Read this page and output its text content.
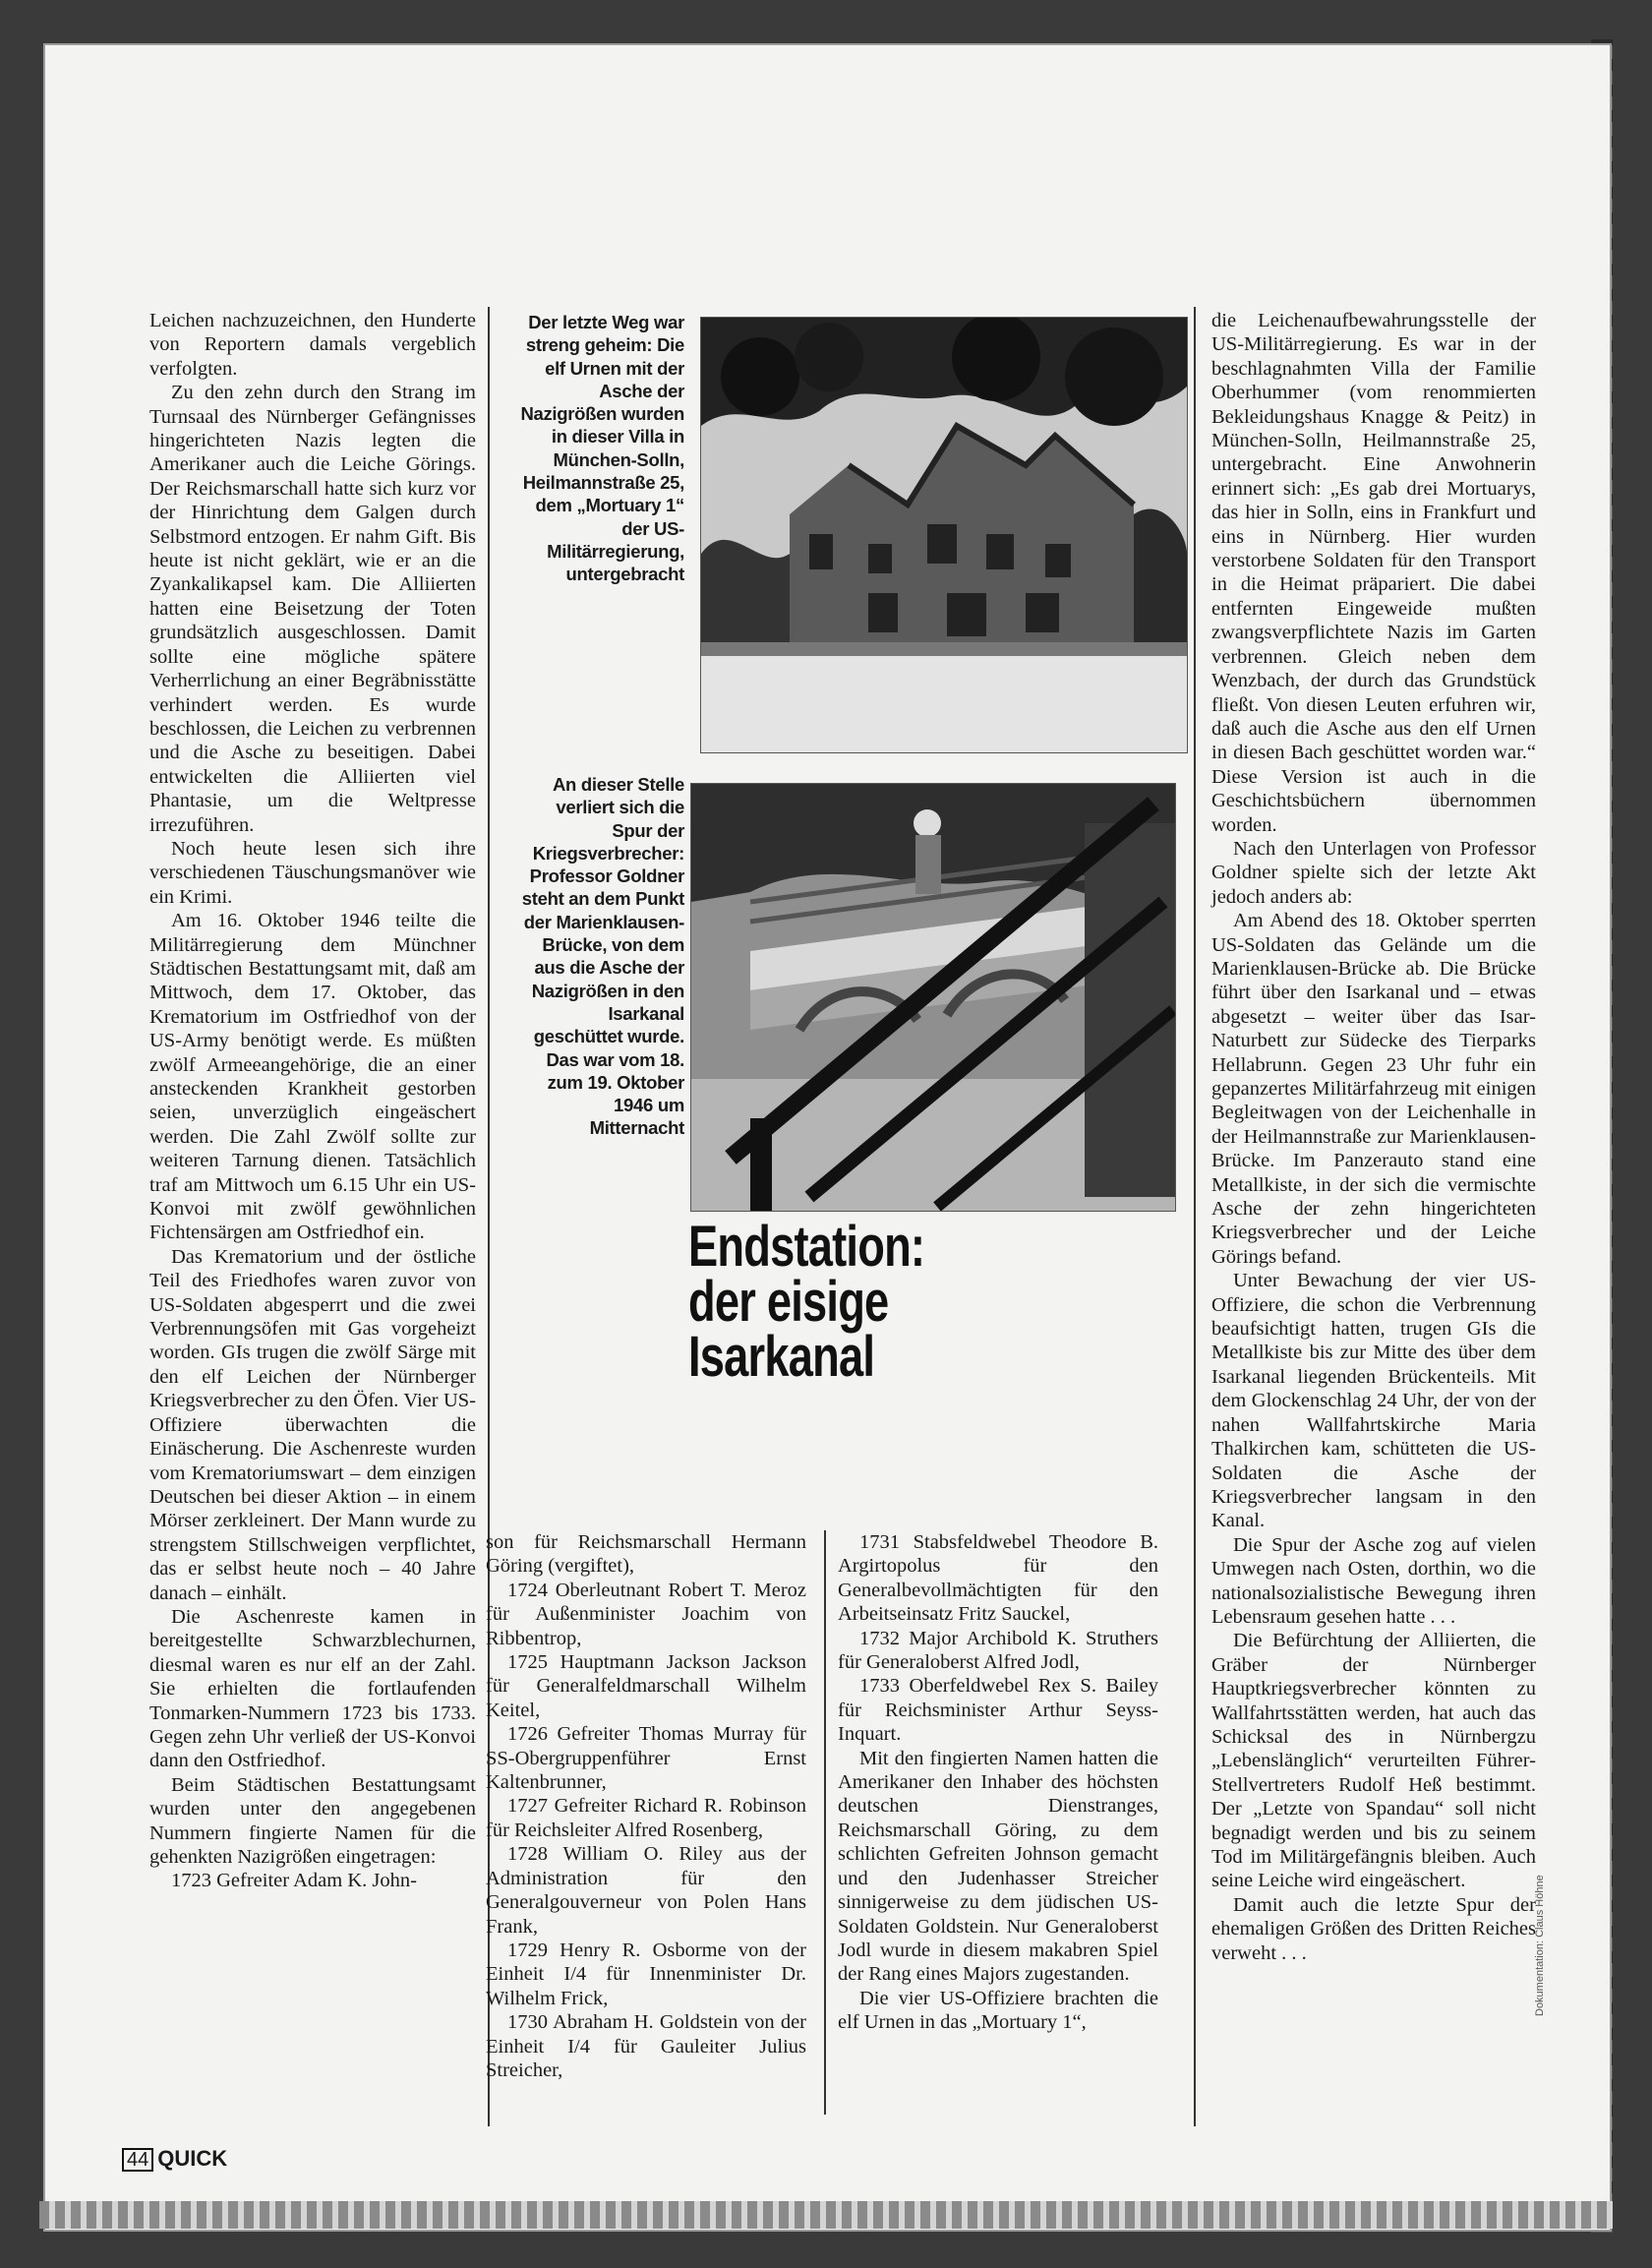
Leichen nachzuzeichnen, den Hunderte von Reportern damals vergeblich verfolgten.

Zu den zehn durch den Strang im Turnsaal des Nürnberger Gefängnisses hingerichteten Nazis legten die Amerikaner auch die Leiche Görings. Der Reichsmarschall hatte sich kurz vor der Hinrichtung dem Galgen durch Selbstmord entzogen. Er nahm Gift. Bis heute ist nicht geklärt, wie er an die Zyankalikapsel kam. Die Alliierten hatten eine Beisetzung der Toten grundsätzlich ausgeschlossen. Damit sollte eine mögliche spätere Verherrlichung an einer Begräbnisstätte verhindert werden. Es wurde beschlossen, die Leichen zu verbrennen und die Asche zu beseitigen. Dabei entwickelten die Alliierten viel Phantasie, um die Weltpresse irrezuführen.

Noch heute lesen sich ihre verschiedenen Täuschungsmanöver wie ein Krimi.

Am 16. Oktober 1946 teilte die Militärregierung dem Münchner Städtischen Bestattungsamt mit, daß am Mittwoch, dem 17. Oktober, das Krematorium im Ostfriedhof von der US-Army benötigt werde. Es müßten zwölf Armeeangehörige, die an einer ansteckenden Krankheit gestorben seien, unverzüglich eingeäschert werden. Die Zahl Zwölf sollte zur weiteren Tarnung dienen. Tatsächlich traf am Mittwoch um 6.15 Uhr ein US-Konvoi mit zwölf gewöhnlichen Fichtensärgen am Ostfriedhof ein.

Das Krematorium und der östliche Teil des Friedhofes waren zuvor von US-Soldaten abgesperrt und die zwei Verbrennungsöfen mit Gas vorgeheizt worden. GIs trugen die zwölf Särge mit den elf Leichen der Nürnberger Kriegsverbrecher zu den Öfen. Vier US-Offiziere überwachten die Einäscherung. Die Aschenreste wurden vom Krematoriumswart – dem einzigen Deutschen bei dieser Aktion – in einem Mörser zerkleinert. Der Mann wurde zu strengstem Stillschweigen verpflichtet, das er selbst heute noch – 40 Jahre danach – einhält.

Die Aschenreste kamen in bereitgestellte Schwarzblechurnen, diesmal waren es nur elf an der Zahl. Sie erhielten die fortlaufenden Tonmarken-Nummern 1723 bis 1733. Gegen zehn Uhr verließ der US-Konvoi dann den Ostfriedhof.

Beim Städtischen Bestattungsamt wurden unter den angegebenen Nummern fingierte Namen für die gehenkten Nazigrößen eingetragen:

1723 Gefreiter Adam K. John-

Der letzte Weg war streng geheim: Die elf Urnen mit der Asche der Nazigrößen wurden in dieser Villa in München-Solln, Heilmannstraße 25, dem „Mortuary 1“ der US-Militärregierung, untergebracht

An dieser Stelle verliert sich die Spur der Kriegsverbrecher: Professor Goldner steht an dem Punkt der Marienklausen-Brücke, von dem aus die Asche der Nazigrößen in den Isarkanal geschüttet wurde. Das war vom 18. zum 19. Oktober 1946 um Mitternacht

Endstation:
der eisige
Isarkanal

son für Reichsmarschall Hermann Göring (vergiftet),

1724 Oberleutnant Robert T. Meroz für Außenminister Joachim von Ribbentrop,

1725 Hauptmann Jackson Jackson für Generalfeldmarschall Wilhelm Keitel,

1726 Gefreiter Thomas Murray für SS-Obergruppenführer Ernst Kaltenbrunner,

1727 Gefreiter Richard R. Robinson für Reichsleiter Alfred Rosenberg,

1728 William O. Riley aus der Administration für den Generalgouverneur von Polen Hans Frank,

1729 Henry R. Osborme von der Einheit I/4 für Innenminister Dr. Wilhelm Frick,

1730 Abraham H. Goldstein von der Einheit I/4 für Gauleiter Julius Streicher,

1731 Stabsfeldwebel Theodore B. Argirtopolus für den Generalbevollmächtigten für den Arbeitseinsatz Fritz Sauckel,

1732 Major Archibold K. Struthers für Generaloberst Alfred Jodl,

1733 Oberfeldwebel Rex S. Bailey für Reichsminister Arthur Seyss-Inquart.

Mit den fingierten Namen hatten die Amerikaner den Inhaber des höchsten deutschen Dienstranges, Reichsmarschall Göring, zu dem schlichten Gefreiten Johnson gemacht und den Judenhasser Streicher sinnigerweise zu dem jüdischen US-Soldaten Goldstein. Nur Generaloberst Jodl wurde in diesem makabren Spiel der Rang eines Majors zugestanden.

Die vier US-Offiziere brachten die elf Urnen in das „Mortuary 1“,

die Leichenaufbewahrungsstelle der US-Militärregierung. Es war in der beschlagnahmten Villa der Familie Oberhummer (vom renommierten Bekleidungshaus Knagge & Peitz) in München-Solln, Heilmannstraße 25, untergebracht. Eine Anwohnerin erinnert sich: „Es gab drei Mortuarys, das hier in Solln, eins in Frankfurt und eins in Nürnberg. Hier wurden verstorbene Soldaten für den Transport in die Heimat präpariert. Die dabei entfernten Eingeweide mußten zwangsverpflichtete Nazis im Garten verbrennen. Gleich neben dem Wenzbach, der durch das Grundstück fließt. Von diesen Leuten erfuhren wir, daß auch die Asche aus den elf Urnen in diesen Bach geschüttet worden war.“ Diese Version ist auch in die Geschichtsbüchern übernommen worden.

Nach den Unterlagen von Professor Goldner spielte sich der letzte Akt jedoch anders ab:

Am Abend des 18. Oktober sperrten US-Soldaten das Gelände um die Marienklausen-Brücke ab. Die Brücke führt über den Isarkanal und – etwas abgesetzt – weiter über das Isar-Naturbett zur Südecke des Tierparks Hellabrunn. Gegen 23 Uhr fuhr ein gepanzertes Militärfahrzeug mit einigen Begleitwagen von der Leichenhalle in der Heilmannstraße zur Marienklausen-Brücke. Im Panzerauto stand eine Metallkiste, in der sich die vermischte Asche der zehn hingerichteten Kriegsverbrecher und der Leiche Görings befand.

Unter Bewachung der vier US-Offiziere, die schon die Verbrennung beaufsichtigt hatten, trugen GIs die Metallkiste bis zur Mitte des über dem Isarkanal liegenden Brückenteils. Mit dem Glockenschlag 24 Uhr, der von der nahen Wallfahrtskirche Maria Thalkirchen kam, schütteten die US-Soldaten die Asche der Kriegsverbrecher langsam in den Kanal.

Die Spur der Asche zog auf vielen Umwegen nach Osten, dorthin, wo die nationalsozialistische Bewegung ihren Lebensraum gesehen hatte . . .

Die Befürchtung der Alliierten, die Gräber der Nürnberger Hauptkriegsverbrecher könnten zu Wallfahrtsstätten werden, hat auch das Schicksal des in Nürnbergzu „Lebenslänglich“ verurteilten Führer-Stellvertreters Rudolf Heß bestimmt. Der „Letzte von Spandau“ soll nicht begnadigt werden und bis zu seinem Tod im Militärgefängnis bleiben. Auch seine Leiche wird eingeäschert.

Damit auch die letzte Spur der ehemaligen Größen des Dritten Reiches verweht . . .	Dokumentation: Claus Höhne
44 QUICK
